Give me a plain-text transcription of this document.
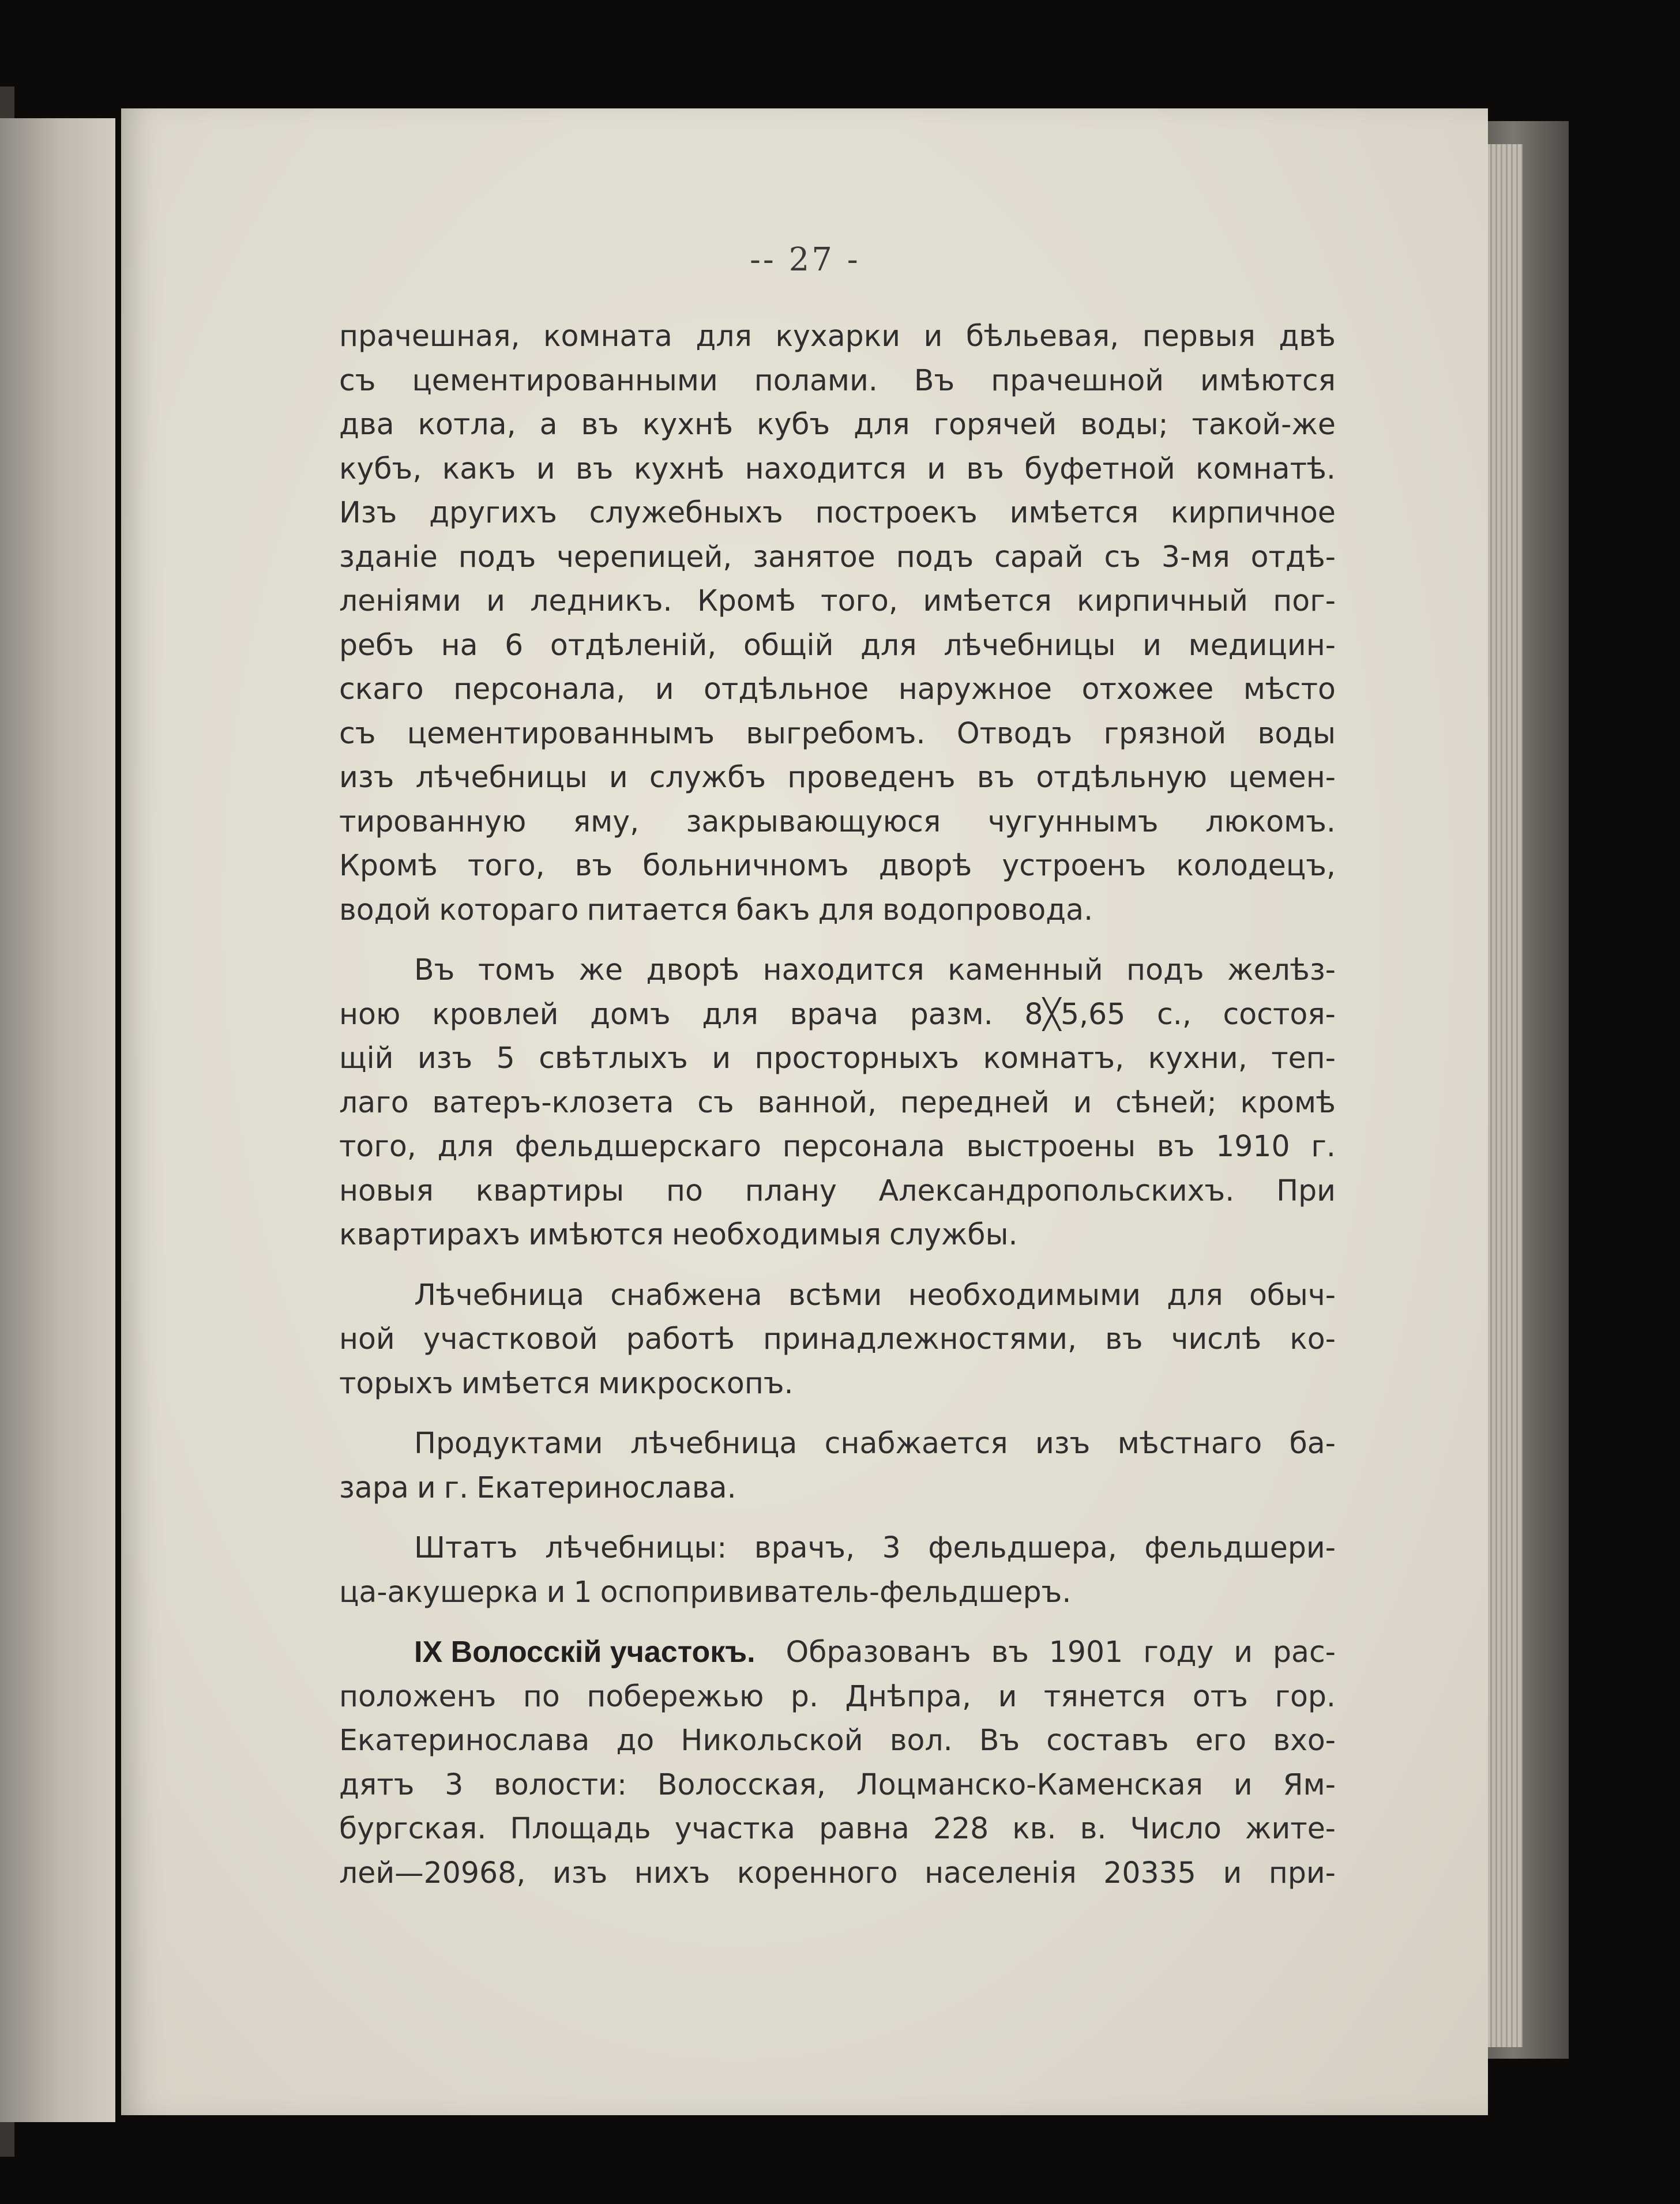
-- 27 -
прачешная, комната для кухарки и бѣльевая, первыя двѣ
съ цементированными полами. Въ прачешной имѣются
два котла, а въ кухнѣ кубъ для горячей воды; такой-же
кубъ, какъ и въ кухнѣ находится и въ буфетной комнатѣ.
Изъ другихъ служебныхъ построекъ имѣется кирпичное
зданіе подъ черепицей, занятое подъ сарай съ 3-мя отдѣ-
леніями и ледникъ. Кромѣ того, имѣется кирпичный пог-
ребъ на 6 отдѣленій, общій для лѣчебницы и медицин-
скаго персонала, и отдѣльное наружное отхожее мѣсто
съ цементированнымъ выгребомъ. Отводъ грязной воды
изъ лѣчебницы и службъ проведенъ въ отдѣльную цемен-
тированную яму, закрывающуюся чугуннымъ люкомъ.
Кромѣ того, въ больничномъ дворѣ устроенъ колодецъ,
водой котораго питается бакъ для водопровода.
Въ томъ же дворѣ находится каменный подъ желѣз-
ною кровлей домъ для врача разм. 8╳5,65 с., состоя-
щій изъ 5 свѣтлыхъ и просторныхъ комнатъ, кухни, теп-
лаго ватеръ-клозета съ ванной, передней и сѣней; кромѣ
того, для фельдшерскаго персонала выстроены въ 1910 г.
новыя квартиры по плану Александропольскихъ. При
квартирахъ имѣются необходимыя службы.
Лѣчебница снабжена всѣми необходимыми для обыч-
ной участковой работѣ принадлежностями, въ числѣ ко-
торыхъ имѣется микроскопъ.
Продуктами лѣчебница снабжается изъ мѣстнаго ба-
зара и г. Екатеринослава.
Штатъ лѣчебницы: врачъ, 3 фельдшера, фельдшери-
ца-акушерка и 1 оспопрививатель-фельдшеръ.
IX Волосскій участокъ. Образованъ въ 1901 году и рас-
положенъ по побережью р. Днѣпра, и тянется отъ гор.
Екатеринослава до Никольской вол. Въ составъ его вхо-
дятъ 3 волости: Волосская, Лоцманско-Каменская и Ям-
бургская. Площадь участка равна 228 кв. в. Число жите-
лей—20968, изъ нихъ коренного населенія 20335 и при-
